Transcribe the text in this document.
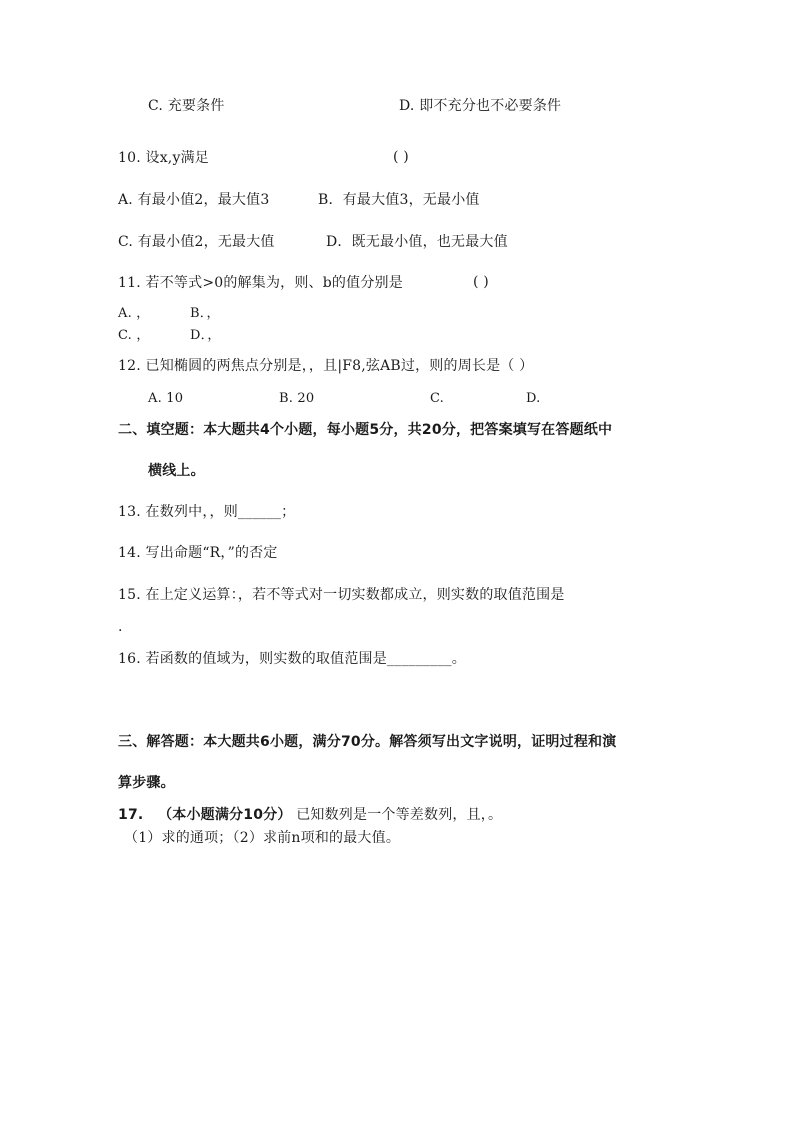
C. 充要条件	D. 即不充分也不必要条件
10. 设x,y满足	( )
A. 有最小值2，最大值3	B．有最大值3，无最小值
C. 有最小值2，无最大值	D．既无最小值，也无最大值
11. 若不等式>0的解集为，则、b的值分别是	( )
A. ，	B．，
C. ，	D．，
12. 已知椭圆的两焦点分别是，，且|F8,弦AB过，则的周长是（ ）
A. 10	B. 20	C.	D.
二、填空题：本大题共4个小题，每小题5分，共20分，把答案填写在答题纸中
横线上。
13. 在数列中，，则______；
14. 写出命题“R，”的否定
15. 在上定义运算：，若不等式对一切实数都成立，则实数的取值范围是
.
16. 若函数的值域为，则实数的取值范围是_________。
三、解答题：本大题共6小题，满分70分。解答须写出文字说明，证明过程和演
算步骤。
17. （本小题满分10分） 已知数列是一个等差数列，且，。
（1）求的通项；（2）求前n项和的最大值。
